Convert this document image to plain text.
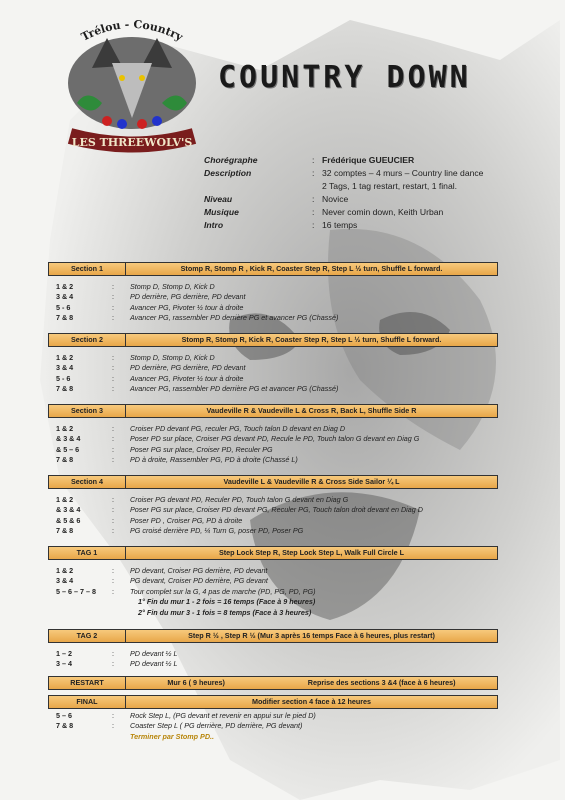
Trélou - Country
LES THREEWOLV'S
COUNTRY DOWN
Chorégraphe	: Frédérique GUEUCIER
Description	: 32 comptes – 4 murs – Country line dance
2 Tags, 1 tag restart, restart, 1 final.
Niveau	: Novice
Musique	: Never comin down, Keith Urban
Intro	: 16 temps
Section 1	Stomp R, Stomp R , Kick R, Coaster Step R, Step L ½ turn, Shuffle L forward.
1 & 2	:	Stomp D, Stomp D, Kick D
3 & 4	:	PD derrière, PG derrière, PD devant
5 - 6	:	Avancer PG, Pivoter ½ tour à droite
7 & 8	:	Avancer PG, rassembler PD derrière PG et avancer PG (Chassé)
Section 2	Stomp R, Stomp R, Kick R, Coaster Step R, Step L ½ turn, Shuffle L forward.
1 & 2	:	Stomp D, Stomp D, Kick D
3 & 4	:	PD derrière, PG derrière, PD devant
5 - 6	:	Avancer PG, Pivoter ½ tour à droite
7 & 8	:	Avancer PG, rassembler PD derrière PG et avancer PG (Chassé)
Section 3	Vaudeville R & Vaudeville L & Cross R, Back L, Shuffle Side R
1 & 2	:	Croiser PD devant PG, reculer PG, Touch talon D devant en Diag D
& 3 & 4	:	Poser PD sur place, Croiser PG devant PD, Recule le PD, Touch talon G devant en Diag G
& 5 – 6	:	Poser PG sur place, Croiser PD, Reculer PG
7 & 8	:	PD à droite, Rassembler PG, PD à droite (Chassé L)
Section 4	Vaudeville L & Vaudeville R & Cross Side Sailor ¼ L
1 & 2	:	Croiser PG devant PD, Reculer PD, Touch talon G devant en Diag G
& 3 & 4	:	Poser PG sur place, Croiser PD devant PG, Reculer PG, Touch talon droit devant en Diag D
& 5 & 6	:	Poser PD , Croiser PG, PD à droite
7 & 8	:	PG croisé derrière PD, ¼ Turn G, poser PD, Poser PG
TAG 1	Step Lock Step R, Step Lock Step L, Walk Full Circle L
1 & 2	:	PD devant, Croiser PG derrière, PD devant
3 & 4	:	PG devant, Croiser PD derrière, PG devant
5 – 6 – 7 – 8	:	Tour complet sur la G, 4 pas de marche (PD, PG, PD, PG)
1° Fin du mur 1 - 2 fois = 16 temps (Face à 9 heures)
2° Fin du mur 3 - 1 fois = 8 temps (Face à 3 heures)
TAG 2	Step R ½ , Step R ½ (Mur 3 après 16 temps Face à 6 heures, plus restart)
1 – 2	:	PD devant ½ L
3 – 4	:	PD devant ½ L
RESTART	Mur 6 ( 9 heures)	Reprise des sections 3 &4 (face à 6 heures)
FINAL	Modifier section 4 face à 12 heures
5 – 6	:	Rock Step L, (PG devant et revenir en appui sur le pied D)
7 & 8	:	Coaster Step L ( PG derrière, PD derrière, PG devant)
Terminer par Stomp PD..
